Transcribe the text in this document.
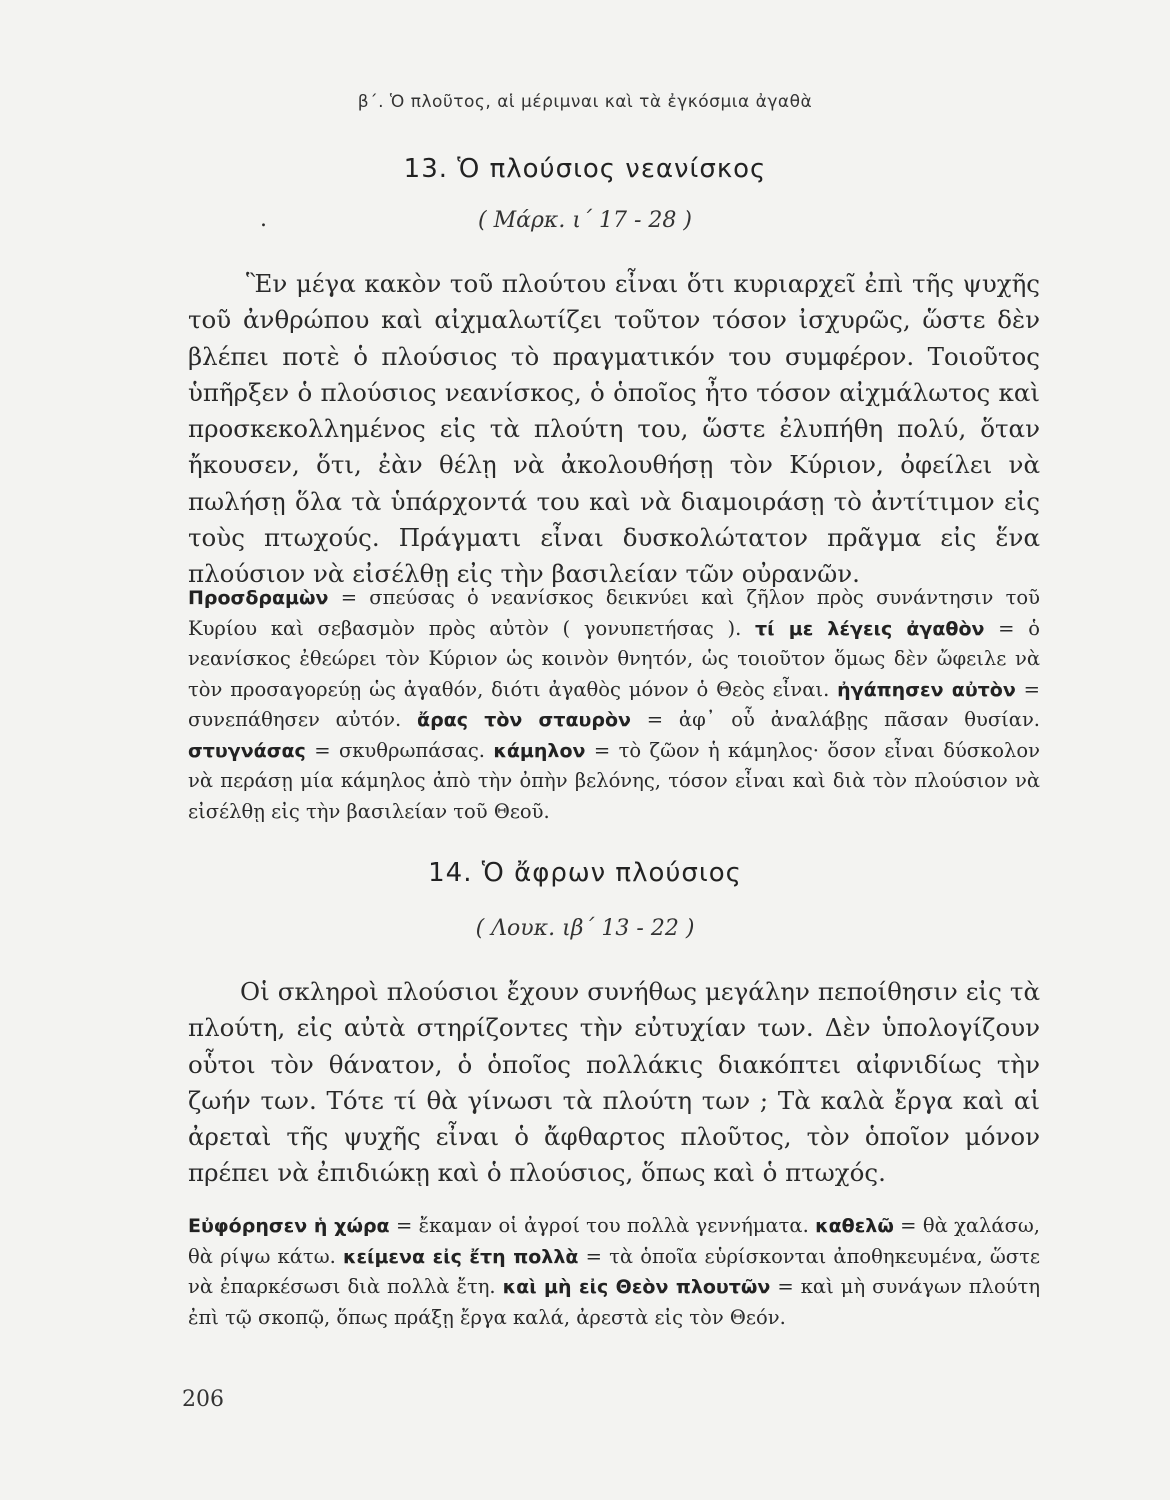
β΄. Ὁ πλοῦτος, αἱ μέριμναι καὶ τὰ ἐγκόσμια ἀγαθὰ
13. Ὁ πλούσιος νεανίσκος
.	( Μάρκ. ι΄ 17 - 28 )
Ἓν μέγα κακὸν τοῦ πλούτου εἶναι ὅτι κυριαρχεῖ ἐπὶ τῆς ψυχῆς τοῦ ἀνθρώπου καὶ αἰχμαλωτίζει τοῦτον τόσον ἰσχυρῶς, ὥστε δὲν βλέπει ποτὲ ὁ πλούσιος τὸ πραγματικόν του συμφέρον. Τοιοῦτος ὑπῆρξεν ὁ πλούσιος νεανίσκος, ὁ ὁποῖος ἦτο τόσον αἰχμάλωτος καὶ προσκεκολλημένος εἰς τὰ πλούτη του, ὥστε ἐλυπήθη πολύ, ὅταν ἤκουσεν, ὅτι, ἐὰν θέλῃ νὰ ἀκολουθήσῃ τὸν Κύριον, ὀφείλει νὰ πωλήσῃ ὅλα τὰ ὑπάρχοντά του καὶ νὰ διαμοιράσῃ τὸ ἀντίτιμον εἰς τοὺς πτωχούς. Πράγματι εἶναι δυσκολώτατον πρᾶγμα εἰς ἕνα πλούσιον νὰ εἰσέλθῃ εἰς τὴν βασιλείαν τῶν οὐρανῶν.
Προσδραμὼν = σπεύσας ὁ νεανίσκος δεικνύει καὶ ζῆλον πρὸς συνάντησιν τοῦ Κυρίου καὶ σεβασμὸν πρὸς αὐτὸν ( γονυπετήσας ). τί με λέγεις ἀγαθὸν = ὁ νεανίσκος ἐθεώρει τὸν Κύριον ὡς κοινὸν θνητόν, ὡς τοιοῦτον ὅμως δὲν ὤφειλε νὰ τὸν προσαγορεύῃ ὡς ἀγαθόν, διότι ἀγαθὸς μόνον ὁ Θεὸς εἶναι. ἠγάπησεν αὐτὸν = συνεπάθησεν αὐτόν. ἄρας τὸν σταυρὸν = ἀφ᾽ οὗ ἀναλάβῃς πᾶσαν θυσίαν. στυγνάσας = σκυθρωπάσας. κάμηλον = τὸ ζῶον ἡ κάμηλος· ὅσον εἶναι δύσκολον νὰ περάσῃ μία κάμηλος ἀπὸ τὴν ὀπὴν βελόνης, τόσον εἶναι καὶ διὰ τὸν πλούσιον νὰ εἰσέλθῃ εἰς τὴν βασιλείαν τοῦ Θεοῦ.
14. Ὁ ἄφρων πλούσιος
( Λουκ. ιβ΄ 13 - 22 )
Οἱ σκληροὶ πλούσιοι ἔχουν συνήθως μεγάλην πεποίθησιν εἰς τὰ πλούτη, εἰς αὐτὰ στηρίζοντες τὴν εὐτυχίαν των. Δὲν ὑπολογίζουν οὗτοι τὸν θάνατον, ὁ ὁποῖος πολλάκις διακόπτει αἰφνιδίως τὴν ζωήν των. Τότε τί θὰ γίνωσι τὰ πλούτη των ; Τὰ καλὰ ἔργα καὶ αἱ ἀρεταὶ τῆς ψυχῆς εἶναι ὁ ἄφθαρτος πλοῦτος, τὸν ὁποῖον μόνον πρέπει νὰ ἐπιδιώκῃ καὶ ὁ πλούσιος, ὅπως καὶ ὁ πτωχός.
Εὐφόρησεν ἡ χώρα = ἔκαμαν οἱ ἀγροί του πολλὰ γεννήματα. καθελῶ = θὰ χαλάσω, θὰ ρίψω κάτω. κείμενα εἰς ἔτη πολλὰ = τὰ ὁποῖα εὑρίσκονται ἀποθηκευμένα, ὥστε νὰ ἐπαρκέσωσι διὰ πολλὰ ἔτη. καὶ μὴ εἰς Θεὸν πλουτῶν = καὶ μὴ συνάγων πλούτη ἐπὶ τῷ σκοπῷ, ὅπως πράξῃ ἔργα καλά, ἀρεστὰ εἰς τὸν Θεόν.
206
